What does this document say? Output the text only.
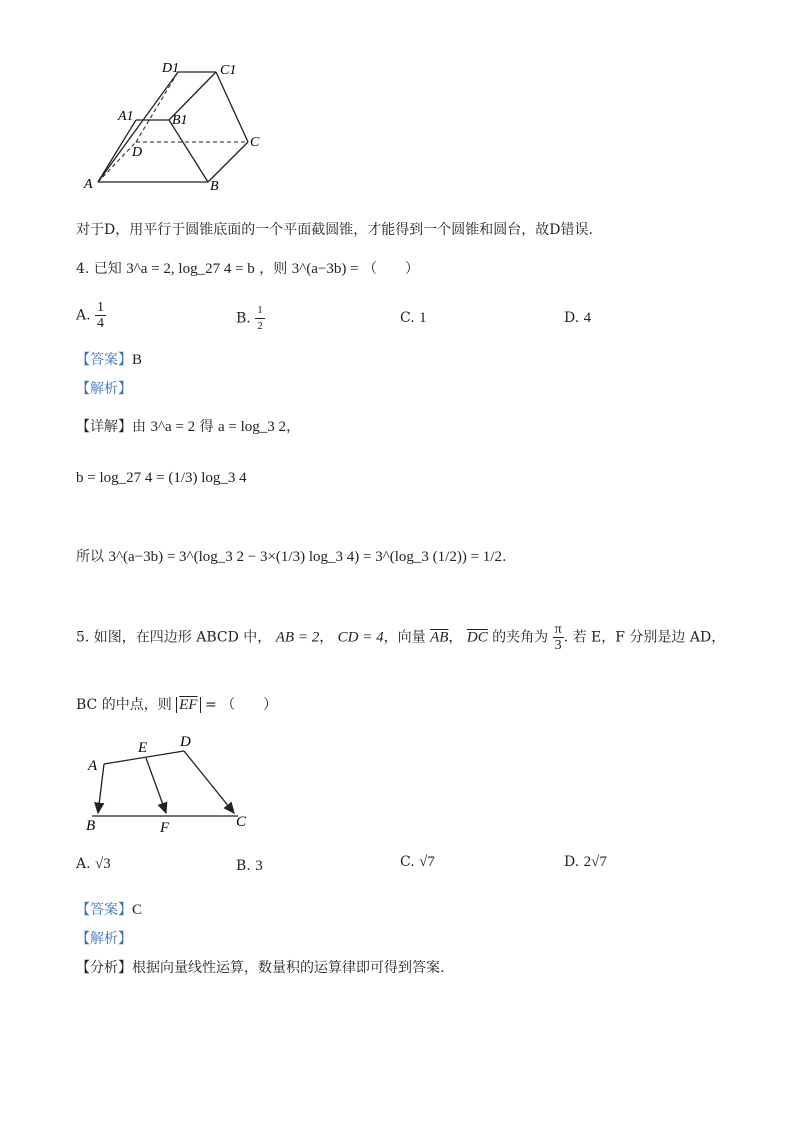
D1	C1
A1	B1
D
C
A	B
对于D，用平行于圆锥底面的一个平面截圆锥，才能得到一个圆锥和圆台，故D错误.
4. 已知 3^a = 2, log_27 4 = b ，则 3^(a−3b) = （　　）
A. $\frac{1}{4}$	B. $\frac{1}{2}$	C. 1	D. 4
【答案】B
【解析】
【详解】由 3^a = 2 得 a = log_3 2，
b = log_27 4 = (1/3) log_3 4
所以 3^(a−3b) = 3^(log_3 2 − 3×(1/3) log_3 4) = 3^(log_3 (1/2)) = 1/2.
5. 如图，在四边形 ABCD 中， AB = 2， CD = 4，向量 $\overline{AB}$， $\overline{DC}$ 的夹角为 $\frac{\pi}{3}$ . 若 E，F 分别是边 AD，
BC 的中点，则 $\overline{EF}$ = （　　）
A
E D
B	F	C
A. √3	B. 3	C. √7	D. 2√7
【答案】C
【解析】
【分析】根据向量线性运算，数量积的运算律即可得到答案.
